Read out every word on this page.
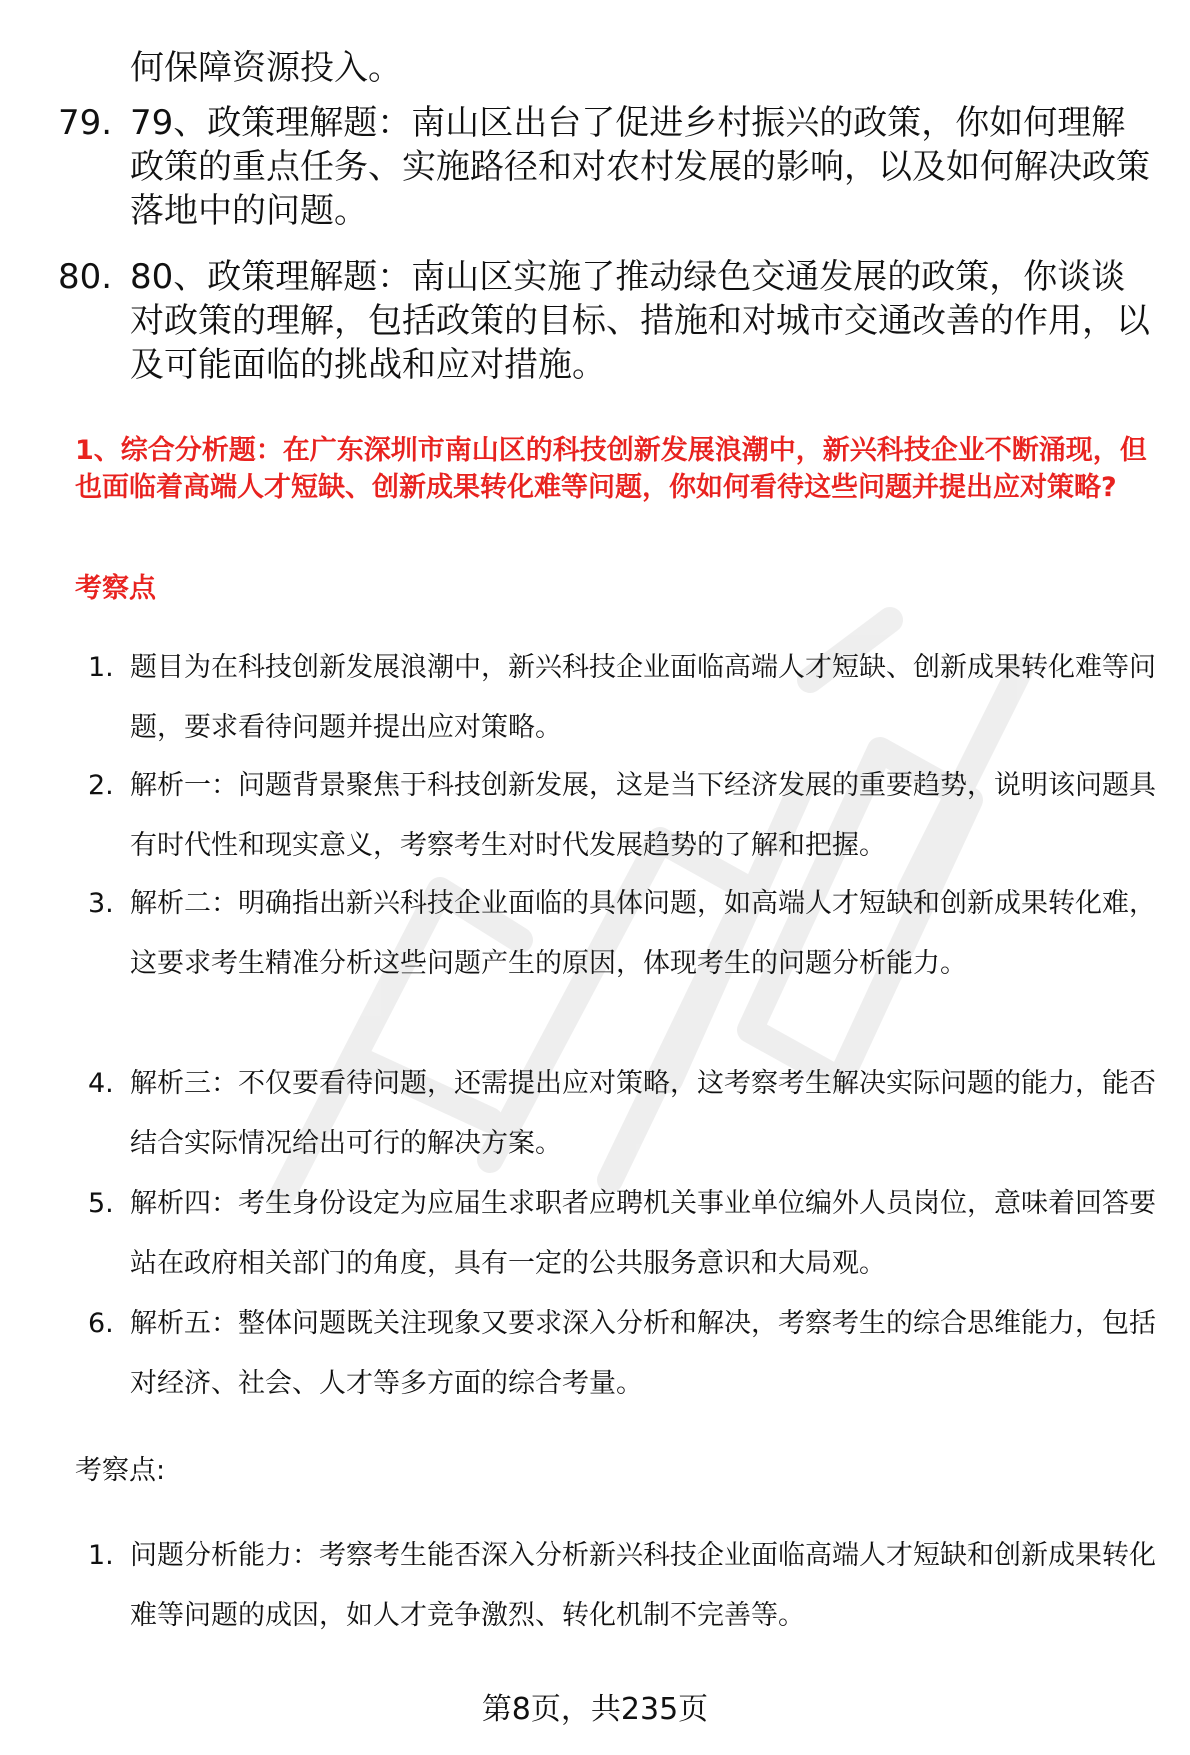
何保障资源投入。
79. 79、政策理解题：南山区出台了促进乡村振兴的政策，你如何理解政策的重点任务、实施路径和对农村发展的影响，以及如何解决政策落地中的问题。
80. 80、政策理解题：南山区实施了推动绿色交通发展的政策，你谈谈对政策的理解，包括政策的目标、措施和对城市交通改善的作用，以及可能面临的挑战和应对措施。
1、综合分析题：在广东深圳市南山区的科技创新发展浪潮中，新兴科技企业不断涌现，但也面临着高端人才短缺、创新成果转化难等问题，你如何看待这些问题并提出应对策略?
考察点
1. 题目为在科技创新发展浪潮中，新兴科技企业面临高端人才短缺、创新成果转化难等问题，要求看待问题并提出应对策略。
2. 解析一：问题背景聚焦于科技创新发展，这是当下经济发展的重要趋势，说明该问题具有时代性和现实意义，考察考生对时代发展趋势的了解和把握。
3. 解析二：明确指出新兴科技企业面临的具体问题，如高端人才短缺和创新成果转化难，这要求考生精准分析这些问题产生的原因，体现考生的问题分析能力。
4. 解析三：不仅要看待问题，还需提出应对策略，这考察考生解决实际问题的能力，能否结合实际情况给出可行的解决方案。
5. 解析四：考生身份设定为应届生求职者应聘机关事业单位编外人员岗位，意味着回答要站在政府相关部门的角度，具有一定的公共服务意识和大局观。
6. 解析五：整体问题既关注现象又要求深入分析和解决，考察考生的综合思维能力，包括对经济、社会、人才等多方面的综合考量。
考察点:
1. 问题分析能力：考察考生能否深入分析新兴科技企业面临高端人才短缺和创新成果转化难等问题的成因，如人才竞争激烈、转化机制不完善等。
第8页，共235页
